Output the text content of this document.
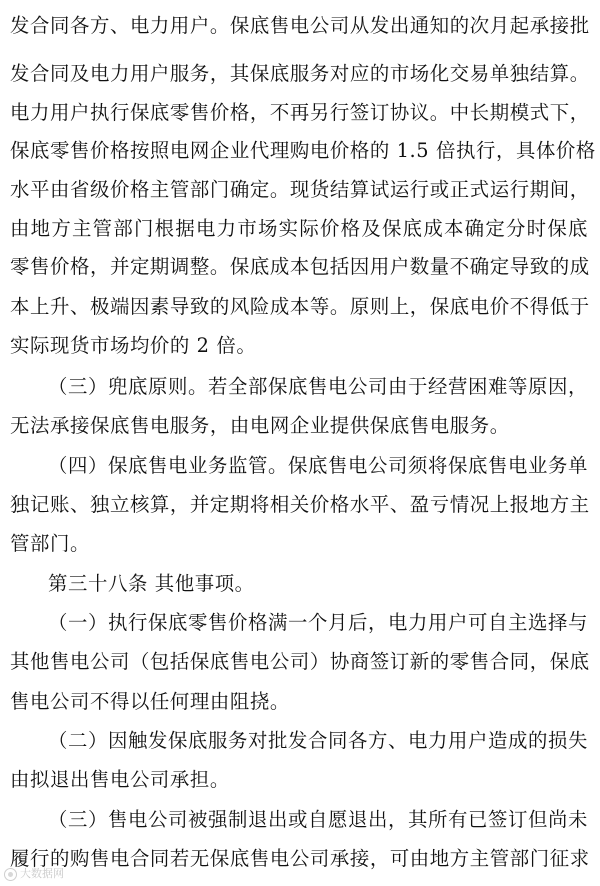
发合同各方、电力用户。保底售电公司从发出通知的次月起承接批
发合同及电力用户服务，其保底服务对应的市场化交易单独结算。
电力用户执行保底零售价格，不再另行签订协议。中长期模式下，
保底零售价格按照电网企业代理购电价格的 1.5 倍执行，具体价格
水平由省级价格主管部门确定。现货结算试运行或正式运行期间，
由地方主管部门根据电力市场实际价格及保底成本确定分时保底
零售价格，并定期调整。保底成本包括因用户数量不确定导致的成
本上升、极端因素导致的风险成本等。原则上，保底电价不得低于
实际现货市场均价的 2 倍。
（三）兜底原则。若全部保底售电公司由于经营困难等原因，
无法承接保底售电服务，由电网企业提供保底售电服务。
（四）保底售电业务监管。保底售电公司须将保底售电业务单
独记账、独立核算，并定期将相关价格水平、盈亏情况上报地方主
管部门。
第三十八条 其他事项。
（一）执行保底零售价格满一个月后，电力用户可自主选择与
其他售电公司（包括保底售电公司）协商签订新的零售合同，保底
售电公司不得以任何理由阻挠。
（二）因触发保底服务对批发合同各方、电力用户造成的损失
由拟退出售电公司承担。
（三）售电公司被强制退出或自愿退出，其所有已签订但尚未
履行的购售电合同若无保底售电公司承接，可由地方主管部门征求
大数据网
